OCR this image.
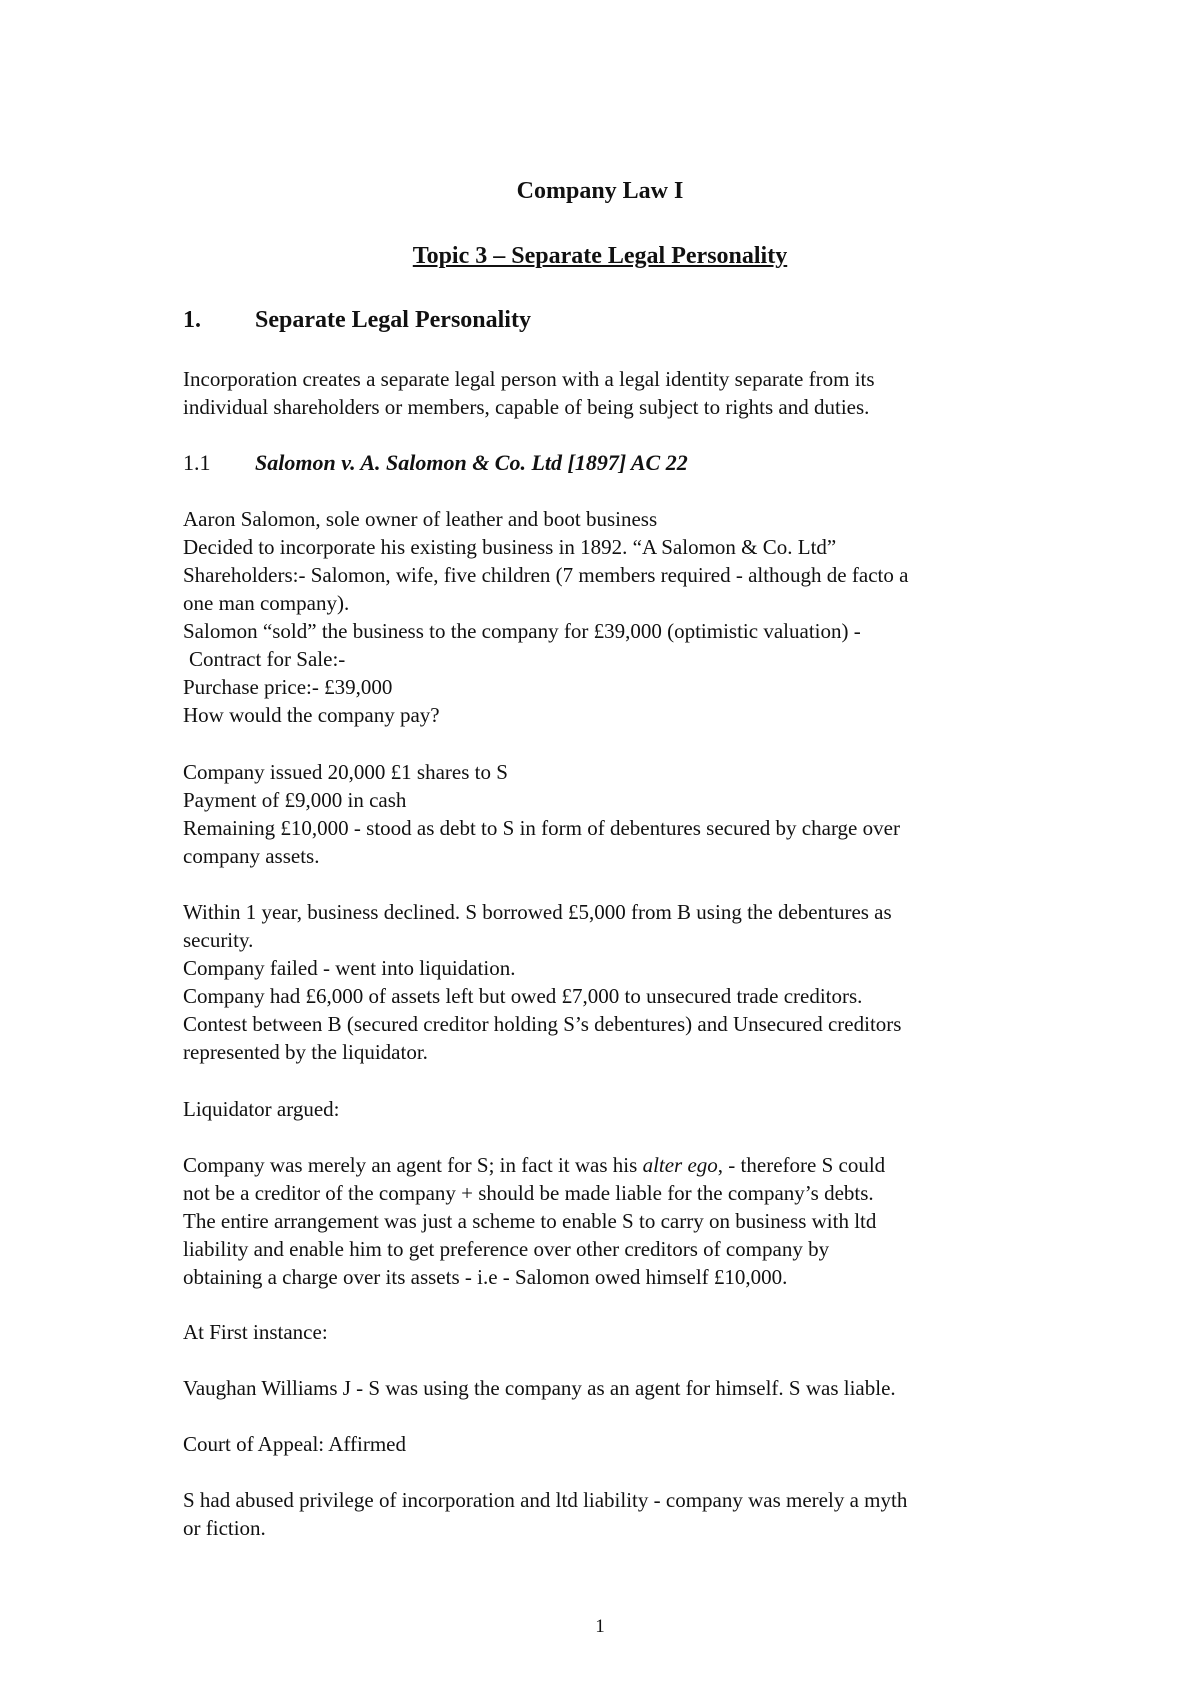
Company Law I
Topic 3 – Separate Legal Personality
1. Separate Legal Personality
Incorporation creates a separate legal person with a legal identity separate from its
individual shareholders or members, capable of being subject to rights and duties.
1.1 Salomon v. A. Salomon & Co. Ltd [1897] AC 22
Aaron Salomon, sole owner of leather and boot business
Decided to incorporate his existing business in 1892. “A Salomon & Co. Ltd”
Shareholders:- Salomon, wife, five children (7 members required - although de facto a
one man company).
Salomon “sold” the business to the company for £39,000 (optimistic valuation) -
Contract for Sale:-
Purchase price:- £39,000
How would the company pay?
Company issued 20,000 £1 shares to S
Payment of £9,000 in cash
Remaining £10,000 - stood as debt to S in form of debentures secured by charge over
company assets.
Within 1 year, business declined. S borrowed £5,000 from B using the debentures as
security.
Company failed - went into liquidation.
Company had £6,000 of assets left but owed £7,000 to unsecured trade creditors.
Contest between B (secured creditor holding S’s debentures) and Unsecured creditors
represented by the liquidator.
Liquidator argued:
Company was merely an agent for S; in fact it was his alter ego, - therefore S could
not be a creditor of the company + should be made liable for the company’s debts.
The entire arrangement was just a scheme to enable S to carry on business with ltd
liability and enable him to get preference over other creditors of company by
obtaining a charge over its assets - i.e - Salomon owed himself £10,000.
At First instance:
Vaughan Williams J - S was using the company as an agent for himself. S was liable.
Court of Appeal: Affirmed
S had abused privilege of incorporation and ltd liability - company was merely a myth
or fiction.
1
